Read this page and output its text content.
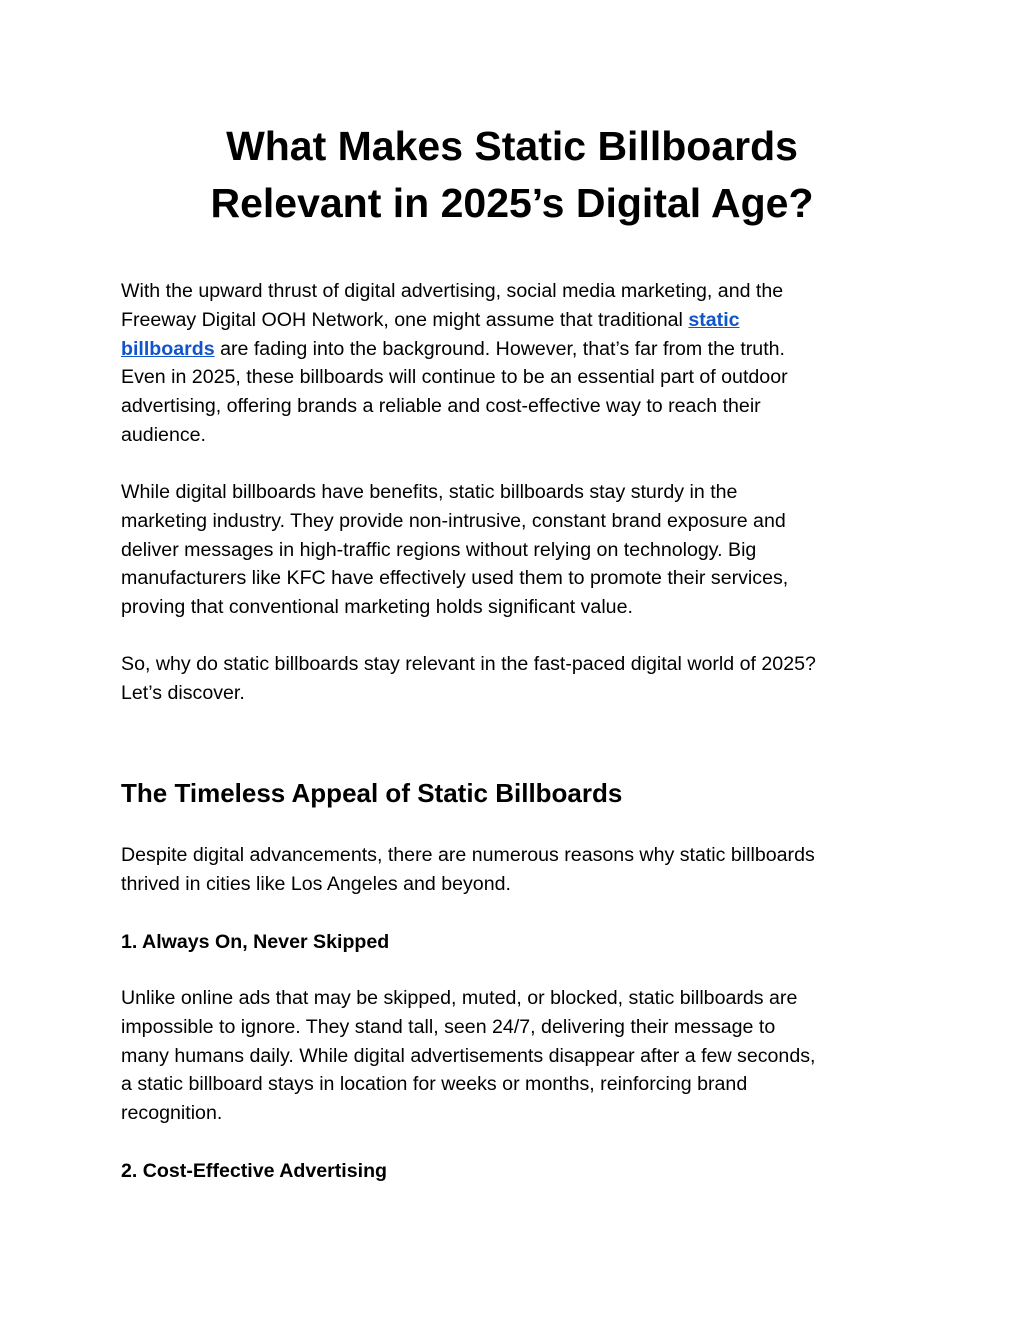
What Makes Static Billboards
Relevant in 2025’s Digital Age?
With the upward thrust of digital advertising, social media marketing, and the
Freeway Digital OOH Network, one might assume that traditional static
billboards are fading into the background. However, that’s far from the truth.
Even in 2025, these billboards will continue to be an essential part of outdoor
advertising, offering brands a reliable and cost-effective way to reach their
audience.
While digital billboards have benefits, static billboards stay sturdy in the
marketing industry. They provide non-intrusive, constant brand exposure and
deliver messages in high-traffic regions without relying on technology. Big
manufacturers like KFC have effectively used them to promote their services,
proving that conventional marketing holds significant value.
So, why do static billboards stay relevant in the fast-paced digital world of 2025?
Let’s discover.
The Timeless Appeal of Static Billboards
Despite digital advancements, there are numerous reasons why static billboards
thrived in cities like Los Angeles and beyond.
1. Always On, Never Skipped
Unlike online ads that may be skipped, muted, or blocked, static billboards are
impossible to ignore. They stand tall, seen 24/7, delivering their message to
many humans daily. While digital advertisements disappear after a few seconds,
a static billboard stays in location for weeks or months, reinforcing brand
recognition.
2. Cost-Effective Advertising
